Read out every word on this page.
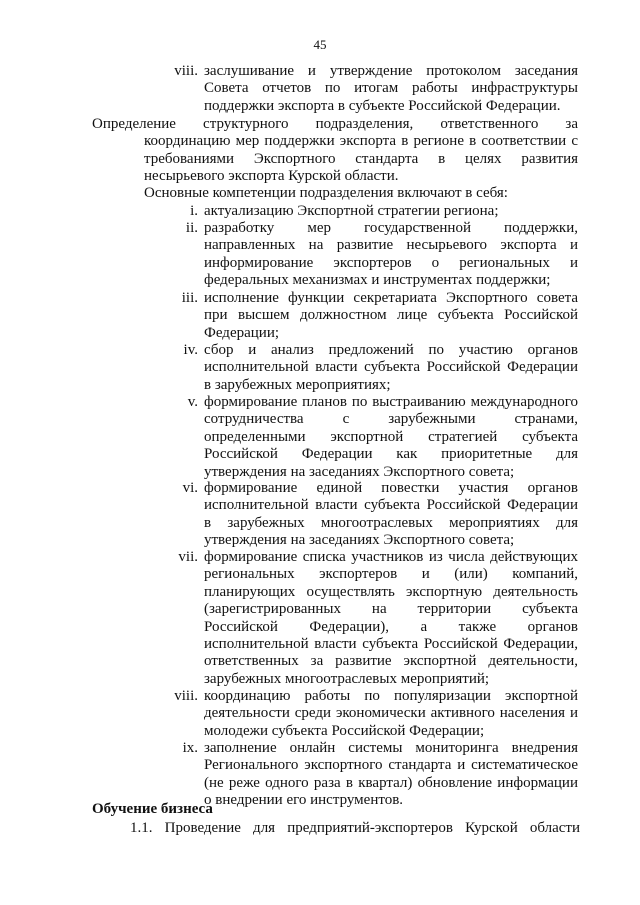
45
viii. заслушивание и утверждение протоколом заседания
Совета отчетов по итогам работы инфраструктуры
поддержки экспорта в субъекте Российской Федерации.
Определение структурного подразделения, ответственного за
координацию мер поддержки экспорта в регионе в соответствии с
требованиями Экспортного стандарта в целях развития
несырьевого экспорта Курской области.
Основные компетенции подразделения включают в себя:
i. актуализацию Экспортной стратегии региона;
ii. разработку мер государственной поддержки,
направленных на развитие несырьевого экспорта и
информирование экспортеров о региональных и
федеральных механизмах и инструментах поддержки;
iii. исполнение функции секретариата Экспортного совета
при высшем должностном лице субъекта Российской
Федерации;
iv. сбор и анализ предложений по участию органов
исполнительной власти субъекта Российской Федерации
в зарубежных мероприятиях;
v. формирование планов по выстраиванию международного
сотрудничества с зарубежными странами,
определенными экспортной стратегией субъекта
Российской Федерации как приоритетные для
утверждения на заседаниях Экспортного совета;
vi. формирование единой повестки участия органов
исполнительной власти субъекта Российской Федерации
в зарубежных многоотраслевых мероприятиях для
утверждения на заседаниях Экспортного совета;
vii. формирование списка участников из числа действующих
региональных экспортеров и (или) компаний,
планирующих осуществлять экспортную деятельность
(зарегистрированных на территории субъекта
Российской Федерации), а также органов
исполнительной власти субъекта Российской Федерации,
ответственных за развитие экспортной деятельности,
зарубежных многоотраслевых мероприятий;
viii. координацию работы по популяризации экспортной
деятельности среди экономически активного населения и
молодежи субъекта Российской Федерации;
ix. заполнение онлайн системы мониторинга внедрения
Регионального экспортного стандарта и систематическое
(не реже одного раза в квартал) обновление информации
о внедрении его инструментов.
Обучение бизнеса
1.1. Проведение для предприятий-экспортеров Курской области
